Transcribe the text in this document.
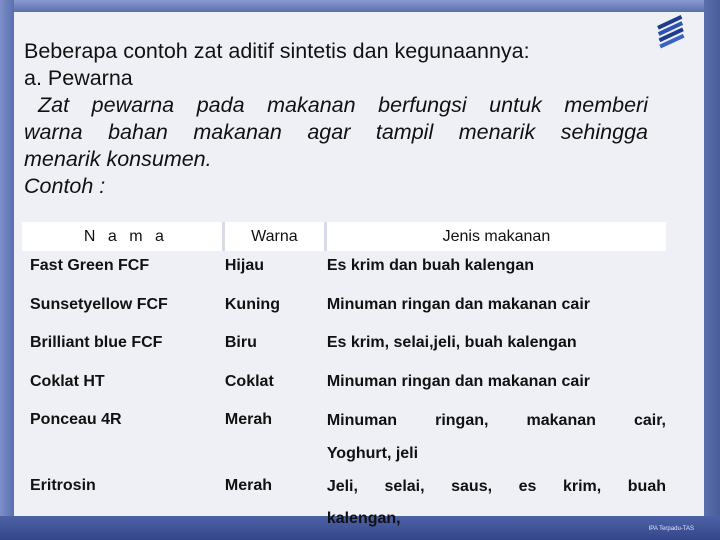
Beberapa contoh zat aditif sintetis dan kegunaannya:
a. Pewarna
Zat pewarna pada makanan berfungsi untuk memberi
warna bahan makanan agar tampil menarik sehingga
menarik konsumen.
Contoh :
N a m a	Warna	Jenis makanan
Fast Green FCF	Hijau	Es krim dan buah kalengan
Sunsetyellow FCF	Kuning	Minuman ringan dan makanan cair
Brilliant blue FCF	Biru	Es krim, selai,jeli, buah kalengan
Coklat HT	Coklat	Minuman ringan dan makanan cair
Ponceau 4R	Merah	Minuman ringan, makanan cair,
Yoghurt, jeli

Eritrosin	Merah	Jeli, selai, saus, es krim, buah
kalengan,
IPA Terpadu-TAS
